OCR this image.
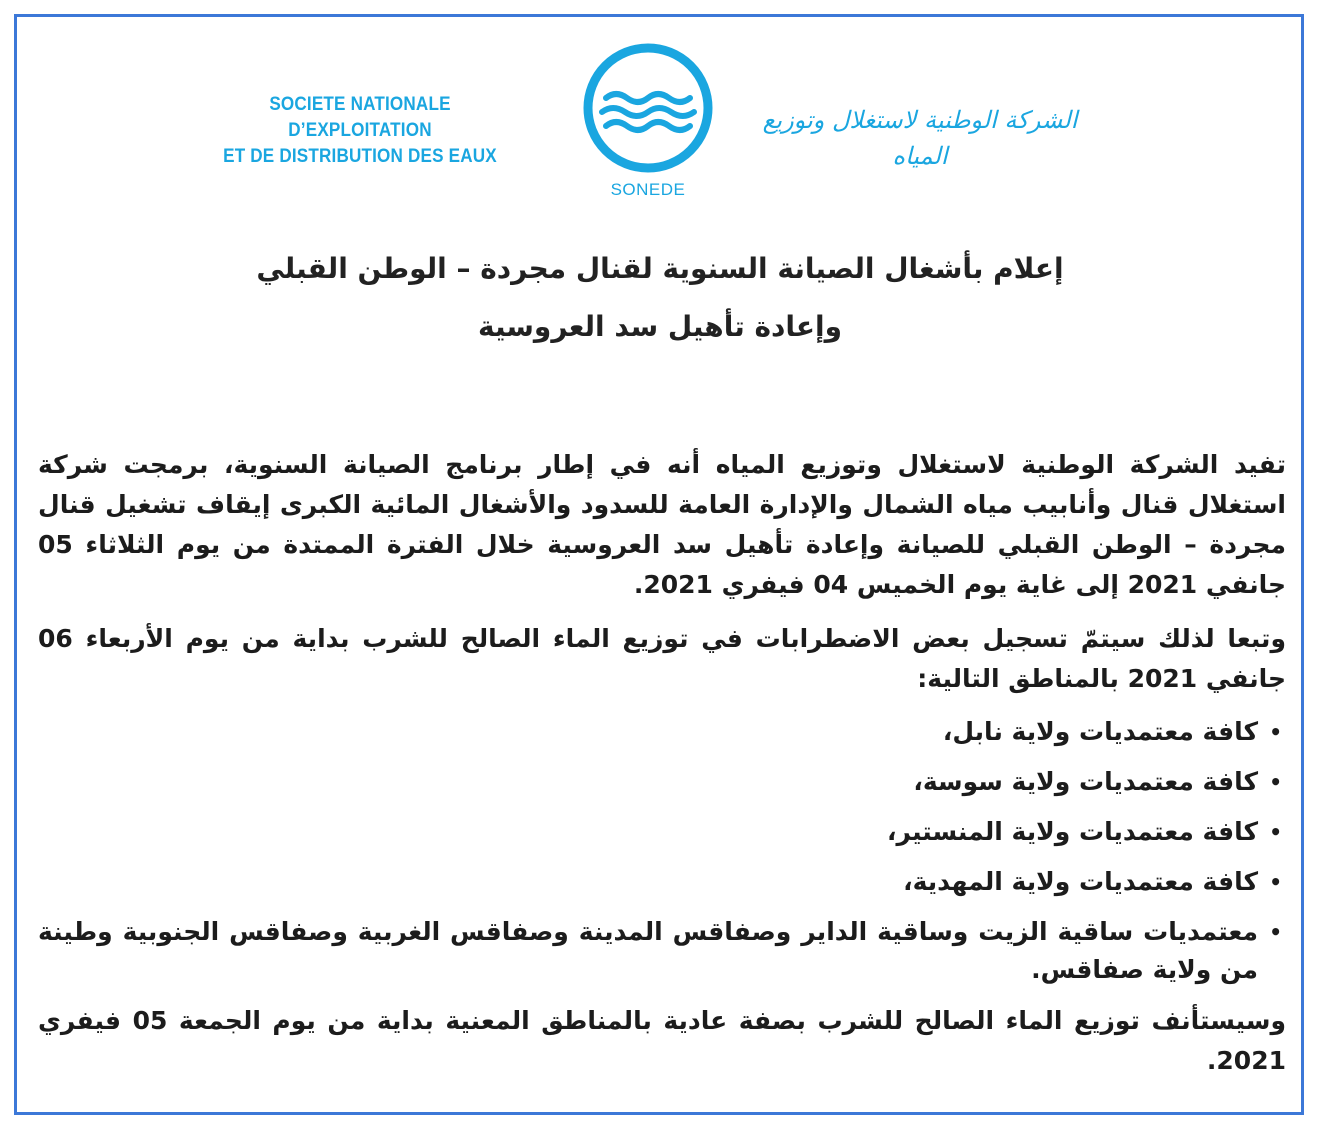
SOCIETE NATIONALE D’EXPLOITATION
ET DE DISTRIBUTION DES EAUX
SONEDE
الشركة الوطنية لاستغلال وتوزيع المياه
إعلام بأشغال الصيانة السنوية لقنال مجردة – الوطن القبلي
وإعادة تأهيل سد العروسية

تفيد الشركة الوطنية لاستغلال وتوزيع المياه أنه في إطار برنامج الصيانة السنوية، برمجت شركة استغلال قنال وأنابيب مياه الشمال والإدارة العامة للسدود والأشغال المائية الكبرى إيقاف تشغيل قنال مجردة – الوطن القبلي للصيانة وإعادة تأهيل سد العروسية خلال الفترة الممتدة من يوم الثلاثاء 05 جانفي 2021 إلى غاية يوم الخميس 04 فيفري 2021.

وتبعا لذلك سيتمّ تسجيل بعض الاضطرابات في توزيع الماء الصالح للشرب بداية من يوم الأربعاء 06 جانفي 2021 بالمناطق التالية:

• كافة معتمديات ولاية نابل،
• كافة معتمديات ولاية سوسة،
• كافة معتمديات ولاية المنستير،
• كافة معتمديات ولاية المهدية،
• معتمديات ساقية الزيت وساقية الداير وصفاقس المدينة وصفاقس الغربية وصفاقس الجنوبية وطينة من ولاية صفاقس.

وسيستأنف توزيع الماء الصالح للشرب بصفة عادية بالمناطق المعنية بداية من يوم الجمعة 05 فيفري 2021.
